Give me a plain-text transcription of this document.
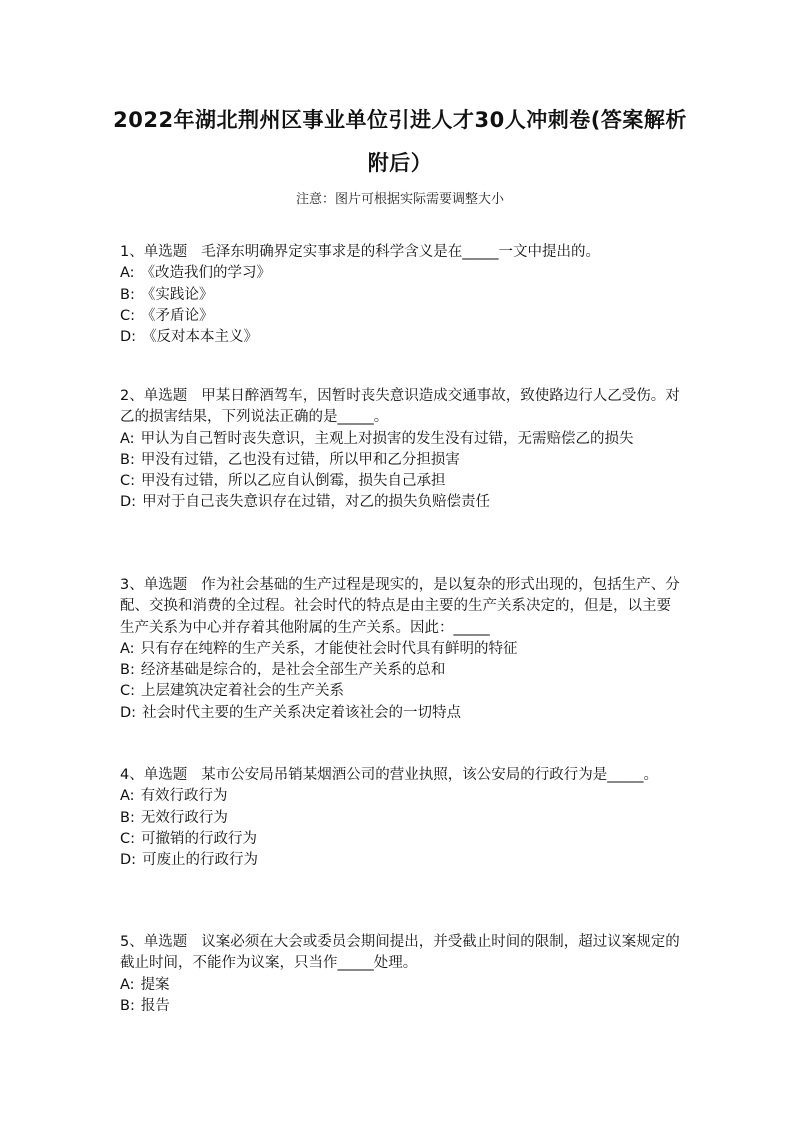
2022年湖北荆州区事业单位引进人才30人冲刺卷(答案解析
附后）
注意：图片可根据实际需要调整大小

1、单选题 毛泽东明确界定实事求是的科学含义是在_____一文中提出的。

A: 《改造我们的学习》
B: 《实践论》
C: 《矛盾论》
D: 《反对本本主义》

2、单选题 甲某日醉酒驾车，因暂时丧失意识造成交通事故，致使路边行人乙受伤。对乙的损害结果，下列说法正确的是_____。

A: 甲认为自己暂时丧失意识，主观上对损害的发生没有过错，无需赔偿乙的损失
B: 甲没有过错，乙也没有过错，所以甲和乙分担损害
C: 甲没有过错，所以乙应自认倒霉，损失自己承担
D: 甲对于自己丧失意识存在过错，对乙的损失负赔偿责任

3、单选题 作为社会基础的生产过程是现实的，是以复杂的形式出现的，包括生产、分配、交换和消费的全过程。社会时代的特点是由主要的生产关系决定的，但是，以主要生产关系为中心并存着其他附属的生产关系。因此：_____

A: 只有存在纯粹的生产关系，才能使社会时代具有鲜明的特征
B: 经济基础是综合的，是社会全部生产关系的总和
C: 上层建筑决定着社会的生产关系
D: 社会时代主要的生产关系决定着该社会的一切特点

4、单选题 某市公安局吊销某烟酒公司的营业执照，该公安局的行政行为是_____。

A: 有效行政行为
B: 无效行政行为
C: 可撤销的行政行为
D: 可废止的行政行为

5、单选题 议案必须在大会或委员会期间提出，并受截止时间的限制，超过议案规定的截止时间，不能作为议案，只当作_____处理。

A: 提案
B: 报告
